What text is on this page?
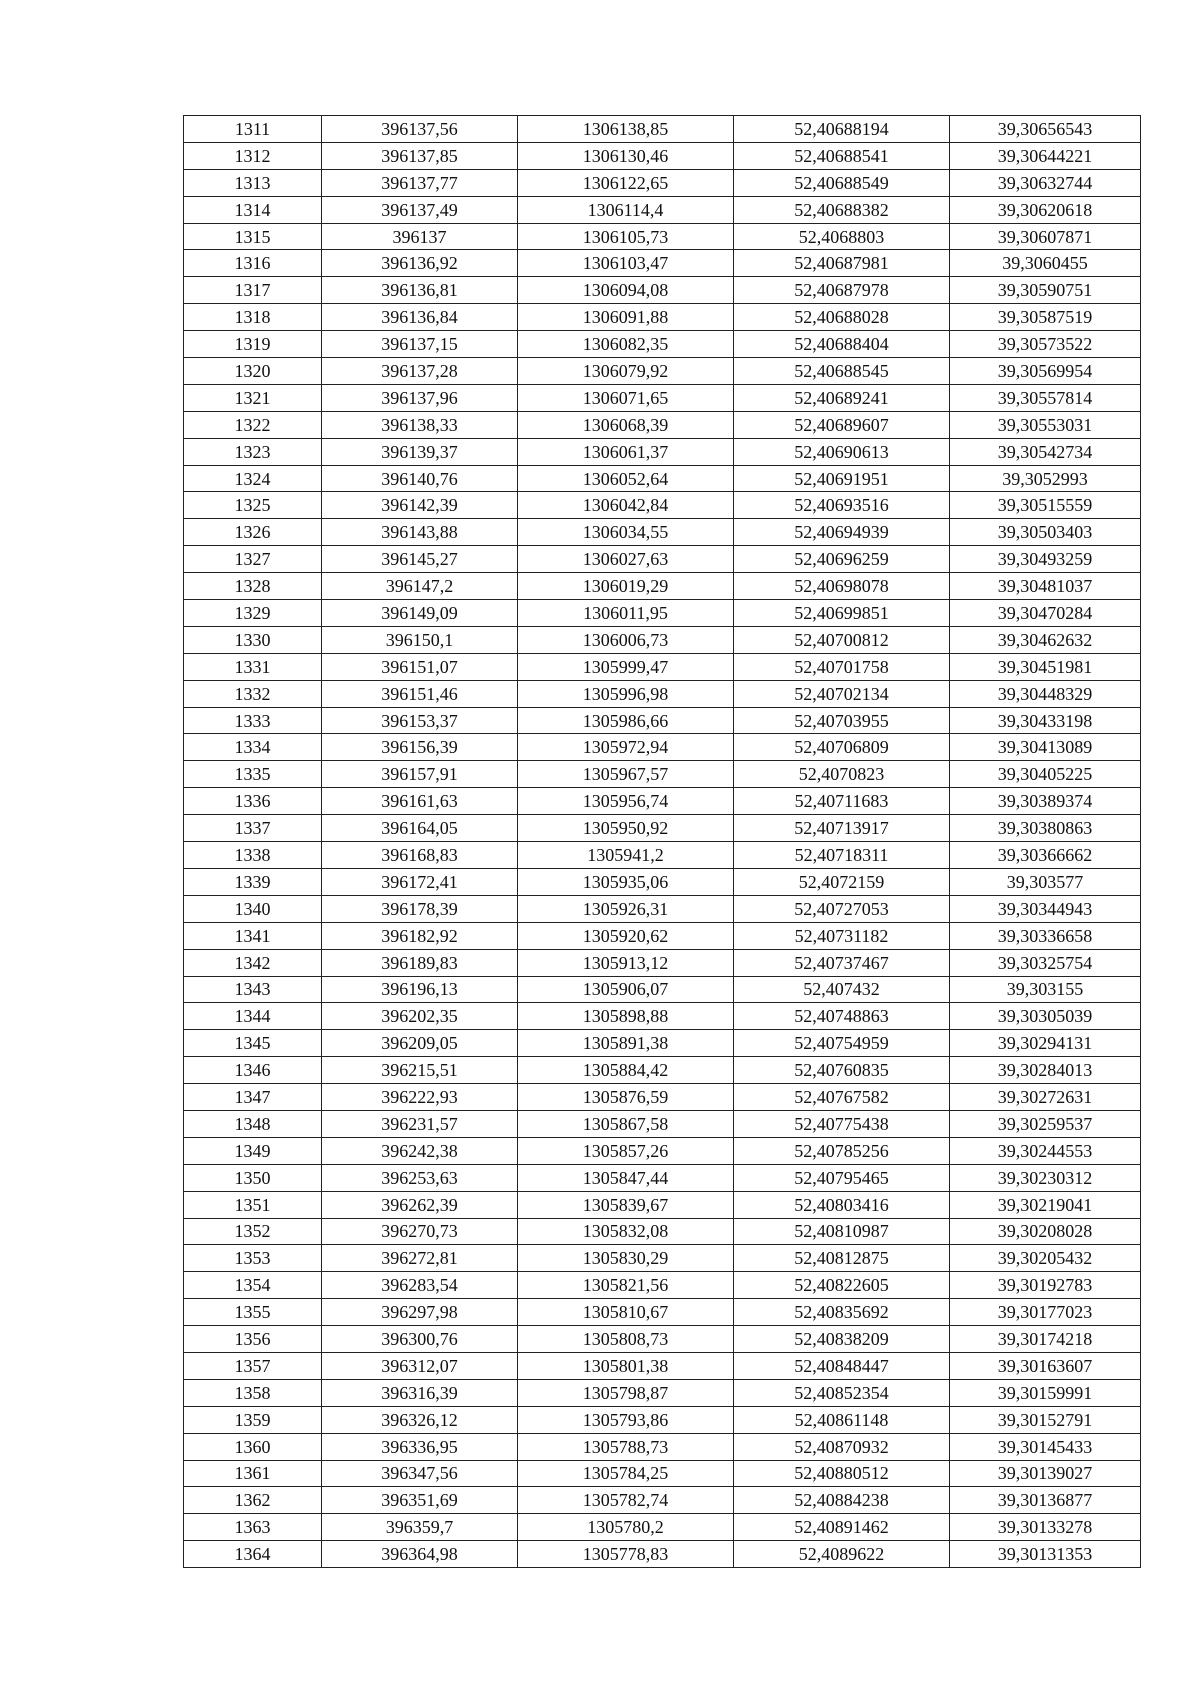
1311	396137,56	1306138,85	52,40688194	39,30656543
1312	396137,85	1306130,46	52,40688541	39,30644221
1313	396137,77	1306122,65	52,40688549	39,30632744
1314	396137,49	1306114,4	52,40688382	39,30620618
1315	396137	1306105,73	52,4068803	39,30607871
1316	396136,92	1306103,47	52,40687981	39,3060455
1317	396136,81	1306094,08	52,40687978	39,30590751
1318	396136,84	1306091,88	52,40688028	39,30587519
1319	396137,15	1306082,35	52,40688404	39,30573522
1320	396137,28	1306079,92	52,40688545	39,30569954
1321	396137,96	1306071,65	52,40689241	39,30557814
1322	396138,33	1306068,39	52,40689607	39,30553031
1323	396139,37	1306061,37	52,40690613	39,30542734
1324	396140,76	1306052,64	52,40691951	39,3052993
1325	396142,39	1306042,84	52,40693516	39,30515559
1326	396143,88	1306034,55	52,40694939	39,30503403
1327	396145,27	1306027,63	52,40696259	39,30493259
1328	396147,2	1306019,29	52,40698078	39,30481037
1329	396149,09	1306011,95	52,40699851	39,30470284
1330	396150,1	1306006,73	52,40700812	39,30462632
1331	396151,07	1305999,47	52,40701758	39,30451981
1332	396151,46	1305996,98	52,40702134	39,30448329
1333	396153,37	1305986,66	52,40703955	39,30433198
1334	396156,39	1305972,94	52,40706809	39,30413089
1335	396157,91	1305967,57	52,4070823	39,30405225
1336	396161,63	1305956,74	52,40711683	39,30389374
1337	396164,05	1305950,92	52,40713917	39,30380863
1338	396168,83	1305941,2	52,40718311	39,30366662
1339	396172,41	1305935,06	52,4072159	39,303577
1340	396178,39	1305926,31	52,40727053	39,30344943
1341	396182,92	1305920,62	52,40731182	39,30336658
1342	396189,83	1305913,12	52,40737467	39,30325754
1343	396196,13	1305906,07	52,407432	39,303155
1344	396202,35	1305898,88	52,40748863	39,30305039
1345	396209,05	1305891,38	52,40754959	39,30294131
1346	396215,51	1305884,42	52,40760835	39,30284013
1347	396222,93	1305876,59	52,40767582	39,30272631
1348	396231,57	1305867,58	52,40775438	39,30259537
1349	396242,38	1305857,26	52,40785256	39,30244553
1350	396253,63	1305847,44	52,40795465	39,30230312
1351	396262,39	1305839,67	52,40803416	39,30219041
1352	396270,73	1305832,08	52,40810987	39,30208028
1353	396272,81	1305830,29	52,40812875	39,30205432
1354	396283,54	1305821,56	52,40822605	39,30192783
1355	396297,98	1305810,67	52,40835692	39,30177023
1356	396300,76	1305808,73	52,40838209	39,30174218
1357	396312,07	1305801,38	52,40848447	39,30163607
1358	396316,39	1305798,87	52,40852354	39,30159991
1359	396326,12	1305793,86	52,40861148	39,30152791
1360	396336,95	1305788,73	52,40870932	39,30145433
1361	396347,56	1305784,25	52,40880512	39,30139027
1362	396351,69	1305782,74	52,40884238	39,30136877
1363	396359,7	1305780,2	52,40891462	39,30133278
1364	396364,98	1305778,83	52,4089622	39,30131353
